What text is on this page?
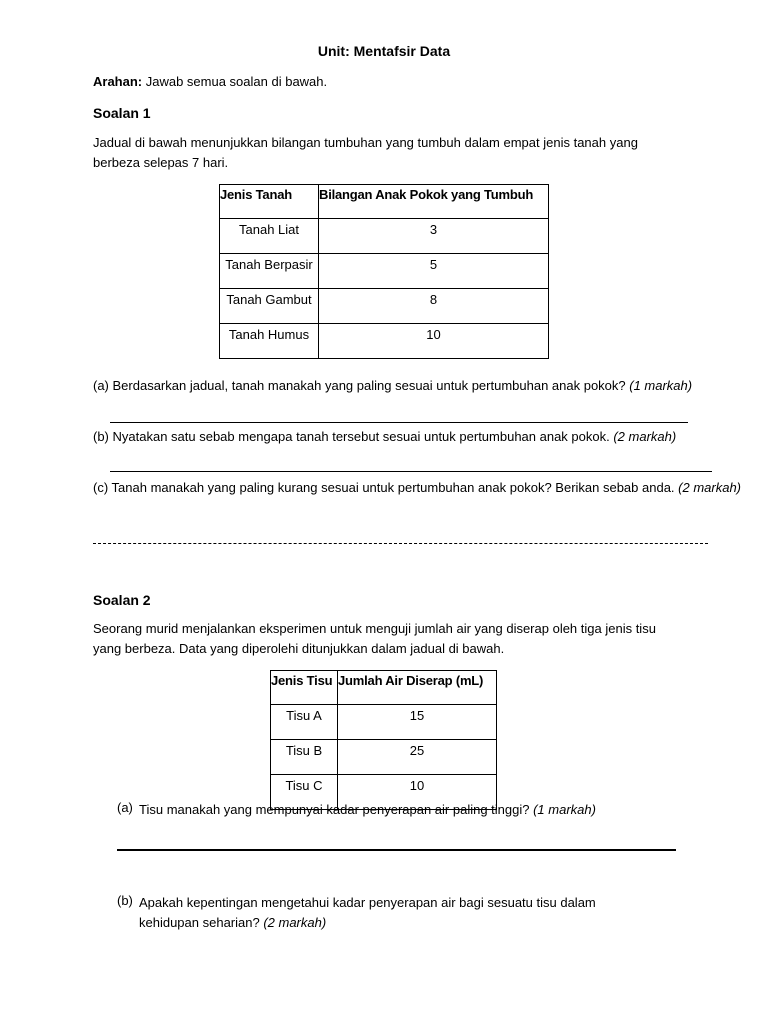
Unit: Mentafsir Data
Arahan: Jawab semua soalan di bawah.
Soalan 1
Jadual di bawah menunjukkan bilangan tumbuhan yang tumbuh dalam empat jenis tanah yang berbeza selepas 7 hari.
Jenis Tanah	Bilangan Anak Pokok yang Tumbuh
Tanah Liat	3
Tanah Berpasir	5
Tanah Gambut	8
Tanah Humus	10
(a) Berdasarkan jadual, tanah manakah yang paling sesuai untuk pertumbuhan anak pokok? (1 markah)
(b) Nyatakan satu sebab mengapa tanah tersebut sesuai untuk pertumbuhan anak pokok. (2 markah)
(c) Tanah manakah yang paling kurang sesuai untuk pertumbuhan anak pokok? Berikan sebab anda. (2 markah)
Soalan 2
Seorang murid menjalankan eksperimen untuk menguji jumlah air yang diserap oleh tiga jenis tisu yang berbeza. Data yang diperolehi ditunjukkan dalam jadual di bawah.
Jenis Tisu	Jumlah Air Diserap (mL)
Tisu A	15
Tisu B	25
Tisu C	10
(a) Tisu manakah yang mempunyai kadar penyerapan air paling tinggi? (1 markah)
(b) Apakah kepentingan mengetahui kadar penyerapan air bagi sesuatu tisu dalam kehidupan seharian? (2 markah)
